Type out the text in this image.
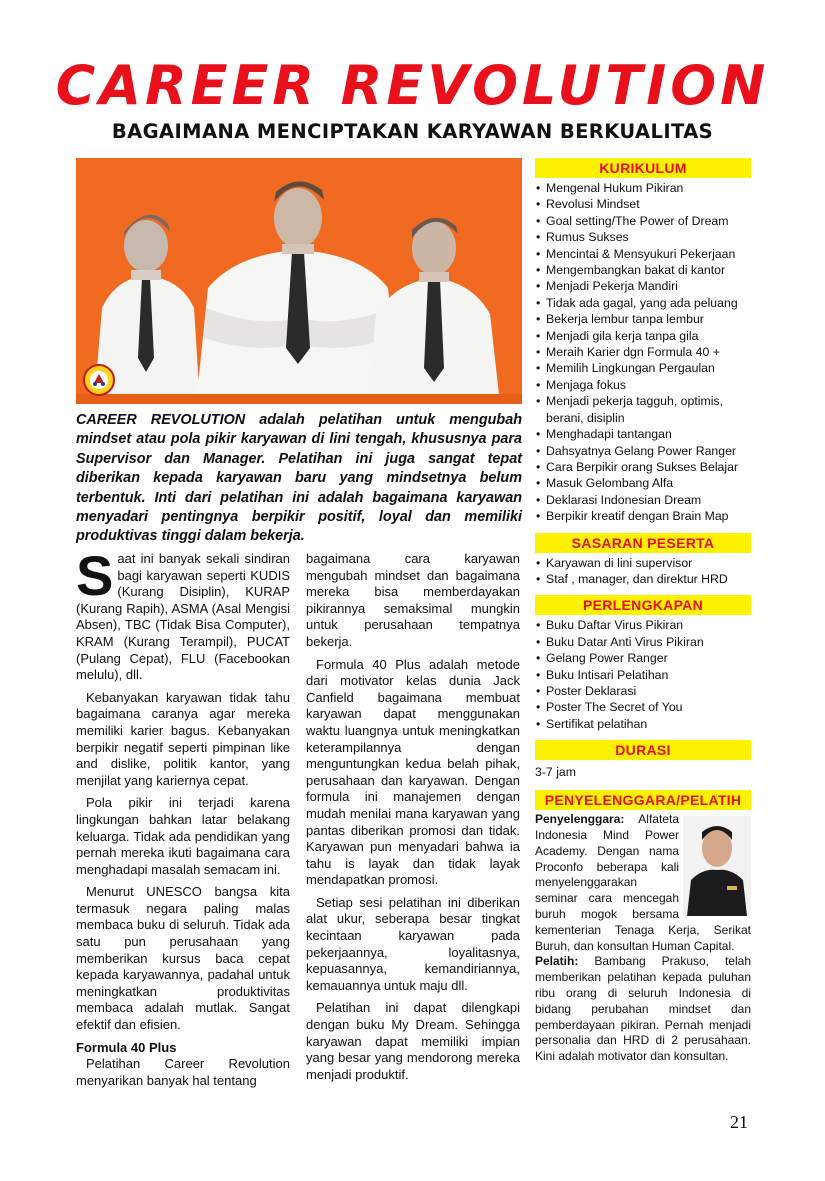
CAREER REVOLUTION
BAGAIMANA MENCIPTAKAN KARYAWAN BERKUALITAS
CAREER REVOLUTION adalah pelatihan untuk mengubah mindset atau pola pikir karyawan di lini tengah, khususnya para Supervisor dan Manager. Pelatihan ini juga sangat tepat diberikan kepada karyawan baru yang mindsetnya belum terbentuk. Inti dari pelatihan ini adalah bagaimana karyawan menyadari pentingnya berpikir positif, loyal dan memiliki produktivas tinggi dalam bekerja.

Saat ini banyak sekali sindiran bagi karyawan seperti KUDIS (Kurang Disiplin), KURAP (Kurang Rapih), ASMA (Asal Mengisi Absen), TBC (Tidak Bisa Computer), KRAM (Kurang Terampil), PUCAT (Pulang Cepat), FLU (Facebookan melulu), dll.

Kebanyakan karyawan tidak tahu bagaimana caranya agar mereka memiliki karier bagus. Kebanyakan berpikir negatif seperti pimpinan like and dislike, politik kantor, yang menjilat yang kariernya cepat.

Pola pikir ini terjadi karena lingkungan bahkan latar belakang keluarga. Tidak ada pendidikan yang pernah mereka ikuti bagaimana cara menghadapi masalah semacam ini.

Menurut UNESCO bangsa kita termasuk negara paling malas membaca buku di seluruh. Tidak ada satu pun perusahaan yang memberikan kursus baca cepat kepada karyawannya, padahal untuk meningkatkan produktivitas membaca adalah mutlak. Sangat efektif dan efisien.

Formula 40 Plus

Pelatihan Career Revolution menyarikan banyak hal tentang

bagaimana cara karyawan mengubah mindset dan bagaimana mereka bisa memberdayakan pikirannya semaksimal mungkin untuk perusahaan tempatnya bekerja.

Formula 40 Plus adalah metode dari motivator kelas dunia Jack Canfield bagaimana membuat karyawan dapat menggunakan waktu luangnya untuk meningkatkan keterampilannya dengan menguntungkan kedua belah pihak, perusahaan dan karyawan. Dengan formula ini manajemen dengan mudah menilai mana karyawan yang pantas diberikan promosi dan tidak. Karyawan pun menyadari bahwa ia tahu is layak dan tidak layak mendapatkan promosi.

Setiap sesi pelatihan ini diberikan alat ukur, seberapa besar tingkat kecintaan karyawan pada pekerjaannya, loyalitasnya, kepuasannya, kemandiriannya, kemauannya untuk maju dll.

Pelatihan ini dapat dilengkapi dengan buku My Dream. Sehingga karyawan dapat memiliki impian yang besar yang mendorong mereka menjadi produktif.

KURIKULUM
• Mengenal Hukum Pikiran
• Revolusi Mindset
• Goal setting/The Power of Dream
• Rumus Sukses
• Mencintai & Mensyukuri Pekerjaan
• Mengembangkan bakat di kantor
• Menjadi Pekerja Mandiri
• Tidak ada gagal, yang ada peluang
• Bekerja lembur tanpa lembur
• Menjadi gila kerja tanpa gila
• Meraih Karier dgn Formula 40 +
• Memilih Lingkungan Pergaulan
• Menjaga fokus
• Menjadi pekerja tagguh, optimis, berani, disiplin
• Menghadapi tantangan
• Dahsyatnya Gelang Power Ranger
• Cara Berpikir orang Sukses Belajar
• Masuk Gelombang Alfa
• Deklarasi Indonesian Dream
• Berpikir kreatif dengan Brain Map
SASARAN PESERTA
• Karyawan di lini supervisor
• Staf , manager, dan direktur HRD
PERLENGKAPAN
• Buku Daftar Virus Pikiran
• Buku Datar Anti Virus Pikiran
• Gelang Power Ranger
• Buku Intisari Pelatihan
• Poster Deklarasi
• Poster The Secret of You
• Sertifikat pelatihan
DURASI
3-7 jam
PENYELENGGARA/PELATIH
Penyelenggara: Alfateta Indonesia Mind Power Academy. Dengan nama Proconfo beberapa kali menyelenggarakan seminar cara mencegah buruh mogok bersama kementerian Tenaga Kerja, Serikat Buruh, dan konsultan Human Capital.
Pelatih: Bambang Prakuso, telah memberikan pelatihan kepada puluhan ribu orang di seluruh Indonesia di bidang perubahan mindset dan pemberdayaan pikiran. Pernah menjadi personalia dan HRD di 2 perusahaan. Kini adalah motivator dan konsultan.
21
